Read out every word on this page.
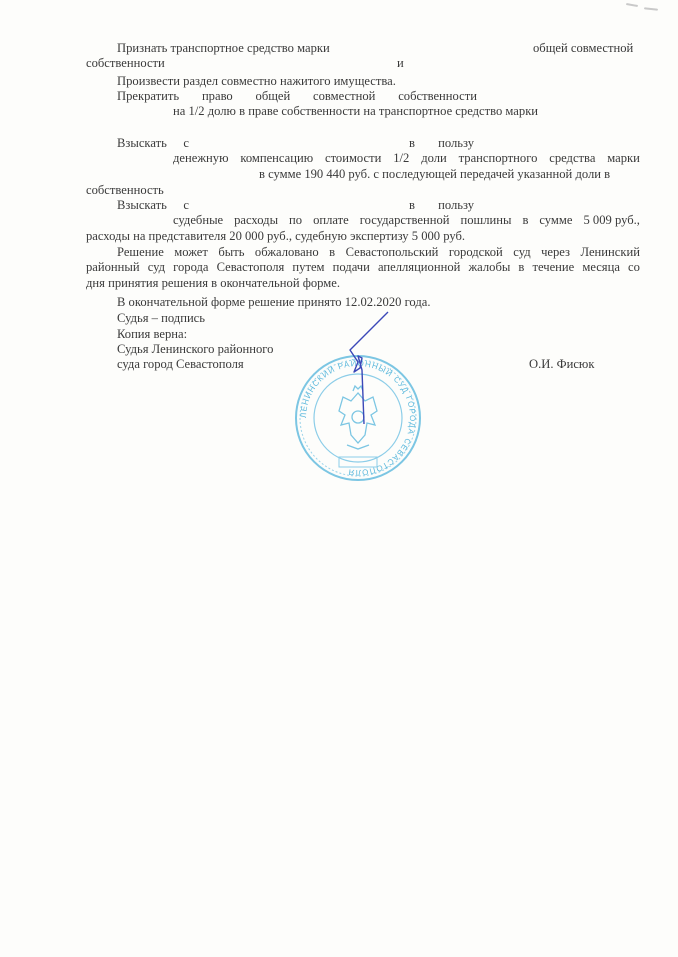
Признать транспортное средство марки	общей совместной
собственности	и
Произвести раздел совместно нажитого имущества.
Прекратить право общей совместной собственности
на 1/2 долю в праве собственности на транспортное средство марки
Взыскать с	в пользу
денежную компенсацию стоимости 1/2 доли транспортного средства марки
в сумме 190 440 руб. с последующей передачей указанной доли в
собственность
Взыскать с	в пользу
судебные расходы по оплате государственной пошлины в сумме 5 009 руб.,
расходы на представителя 20 000 руб., судебную экспертизу 5 000 руб.
Решение может быть обжаловано в Севастопольский городской суд через Ленинский
районный суд города Севастополя путем подачи апелляционной жалобы в течение месяца со
дня принятия решения в окончательной форме.
В окончательной форме решение принято 12.02.2020 года.
Судья – подпись
Копия верна:
Судья Ленинского районного
суда город Севастополя	О.И. Фисюк
ЛЕНИНСКИЙ РАЙОННЫЙ СУД ГОРОДА СЕВАСТОПОЛЯ
